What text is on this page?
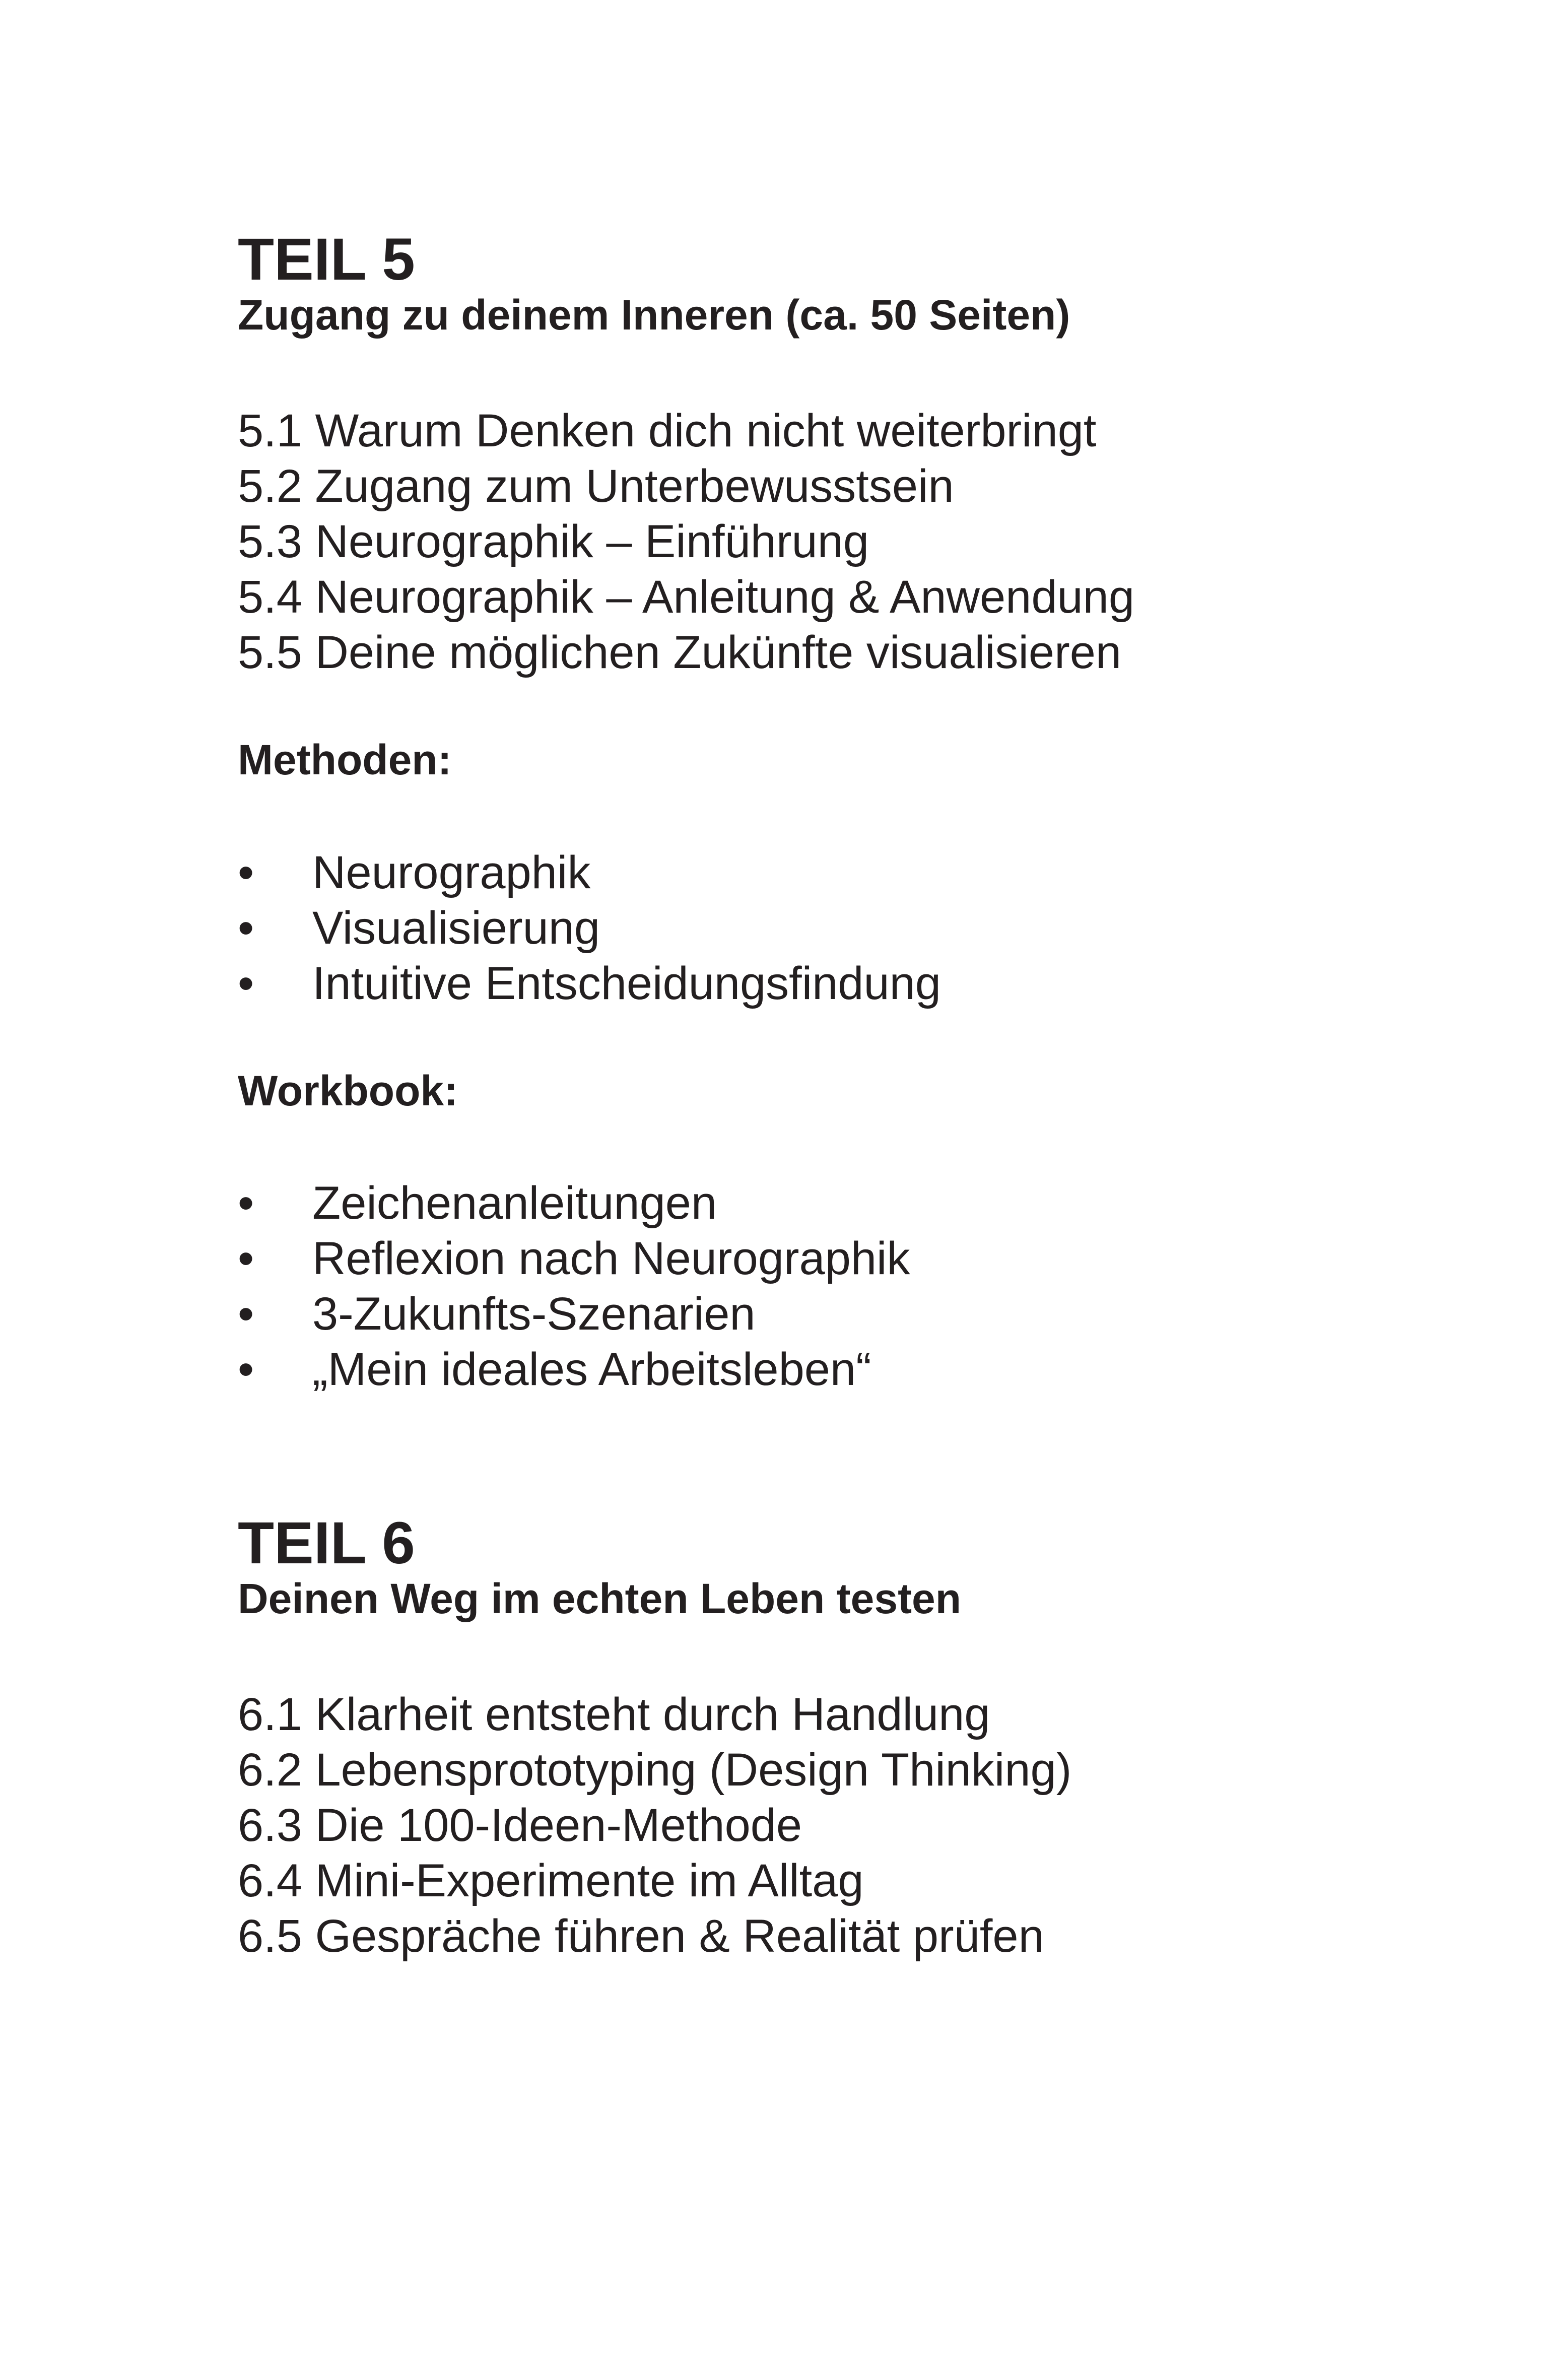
TEIL 5
Zugang zu deinem Inneren (ca. 50 Seiten)

5.1 Warum Denken dich nicht weiterbringt

5.2 Zugang zum Unterbewusstsein

5.3 Neurographik – Einführung

5.4 Neurographik – Anleitung & Anwendung

5.5 Deine möglichen Zukünfte visualisieren

Methoden:

•	Neurographik
•	Visualisierung
•	Intuitive Entscheidungsfindung

Workbook:

•	Zeichenanleitungen
•	Reflexion nach Neurographik
•	3-Zukunfts-Szenarien
•	„Mein ideales Arbeitsleben“
TEIL 6
Deinen Weg im echten Leben testen

6.1 Klarheit entsteht durch Handlung

6.2 Lebensprototyping (Design Thinking)

6.3 Die 100-Ideen-Methode

6.4 Mini-Experimente im Alltag

6.5 Gespräche führen & Realität prüfen
